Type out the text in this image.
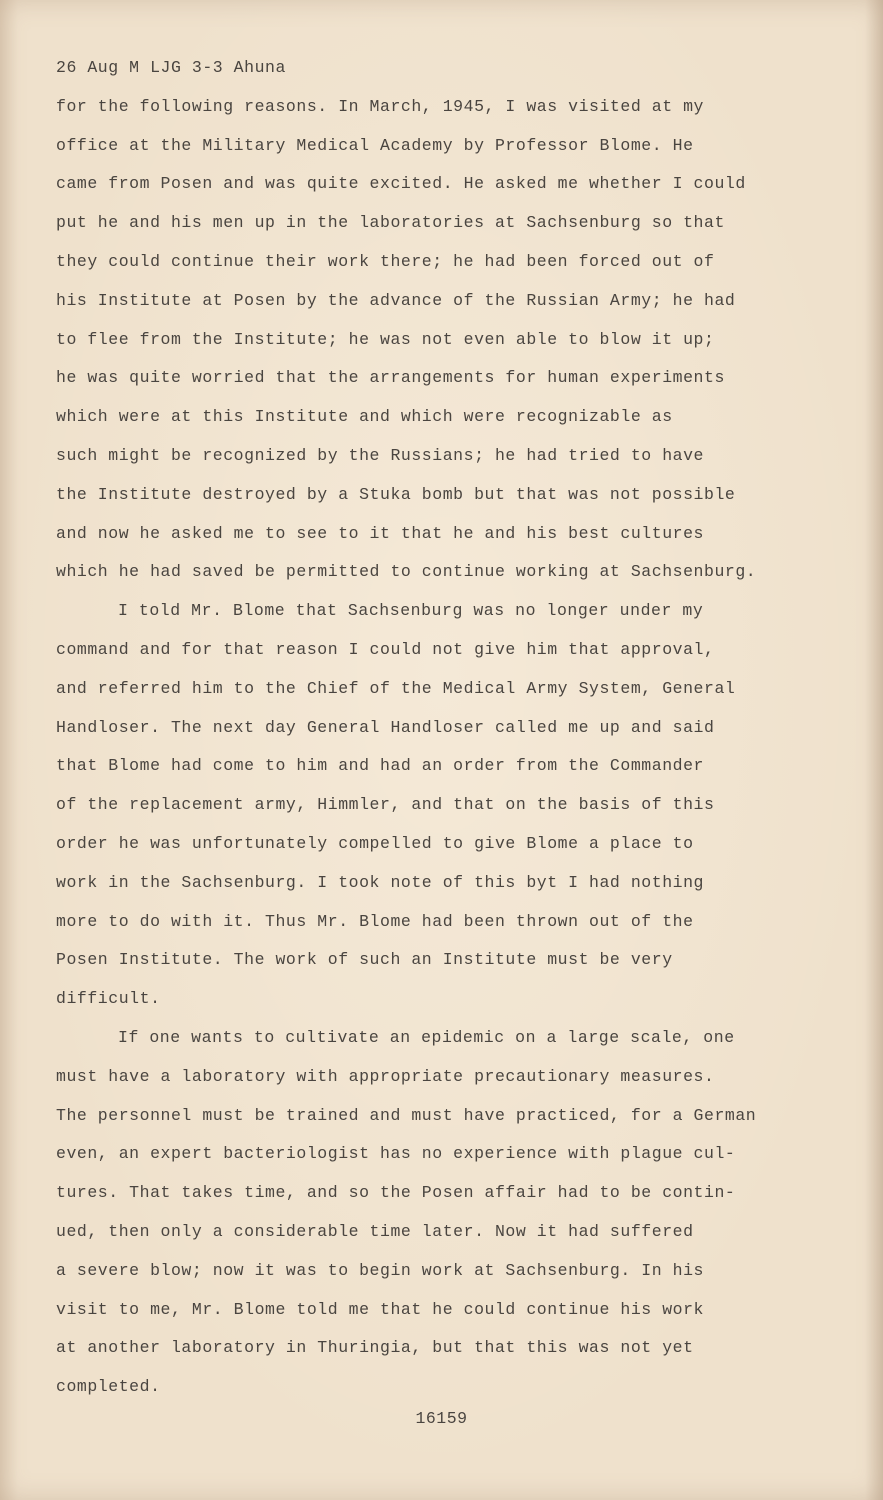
26 Aug M LJG 3-3 Ahuna
for the following reasons. In March, 1945, I was visited at my
office at the Military Medical Academy by Professor Blome. He
came from Posen and was quite excited. He asked me whether I could
put he and his men up in the laboratories at Sachsenburg so that
they could continue their work there; he had been forced out of
his Institute at Posen by the advance of the Russian Army; he had
to flee from the Institute; he was not even able to blow it up;
he was quite worried that the arrangements for human experiments
which were at this Institute and which were recognizable as
such might be recognized by the Russians; he had tried to have
the Institute destroyed by a Stuka bomb but that was not possible
and now he asked me to see to it that he and his best cultures
which he had saved be permitted to continue working at Sachsenburg.
I told Mr. Blome that Sachsenburg was no longer under my
command and for that reason I could not give him that approval,
and referred him to the Chief of the Medical Army System, General
Handloser. The next day General Handloser called me up and said
that Blome had come to him and had an order from the Commander
of the replacement army, Himmler, and that on the basis of this
order he was unfortunately compelled to give Blome a place to
work in the Sachsenburg. I took note of this byt I had nothing
more to do with it. Thus Mr. Blome had been thrown out of the
Posen Institute. The work of such an Institute must be very
difficult.
If one wants to cultivate an epidemic on a large scale, one
must have a laboratory with appropriate precautionary measures.
The personnel must be trained and must have practiced, for a German
even, an expert bacteriologist has no experience with plague cul-
tures. That takes time, and so the Posen affair had to be contin-
ued, then only a considerable time later. Now it had suffered
a severe blow; now it was to begin work at Sachsenburg. In his
visit to me, Mr. Blome told me that he could continue his work
at another laboratory in Thuringia, but that this was not yet
completed.
16159
